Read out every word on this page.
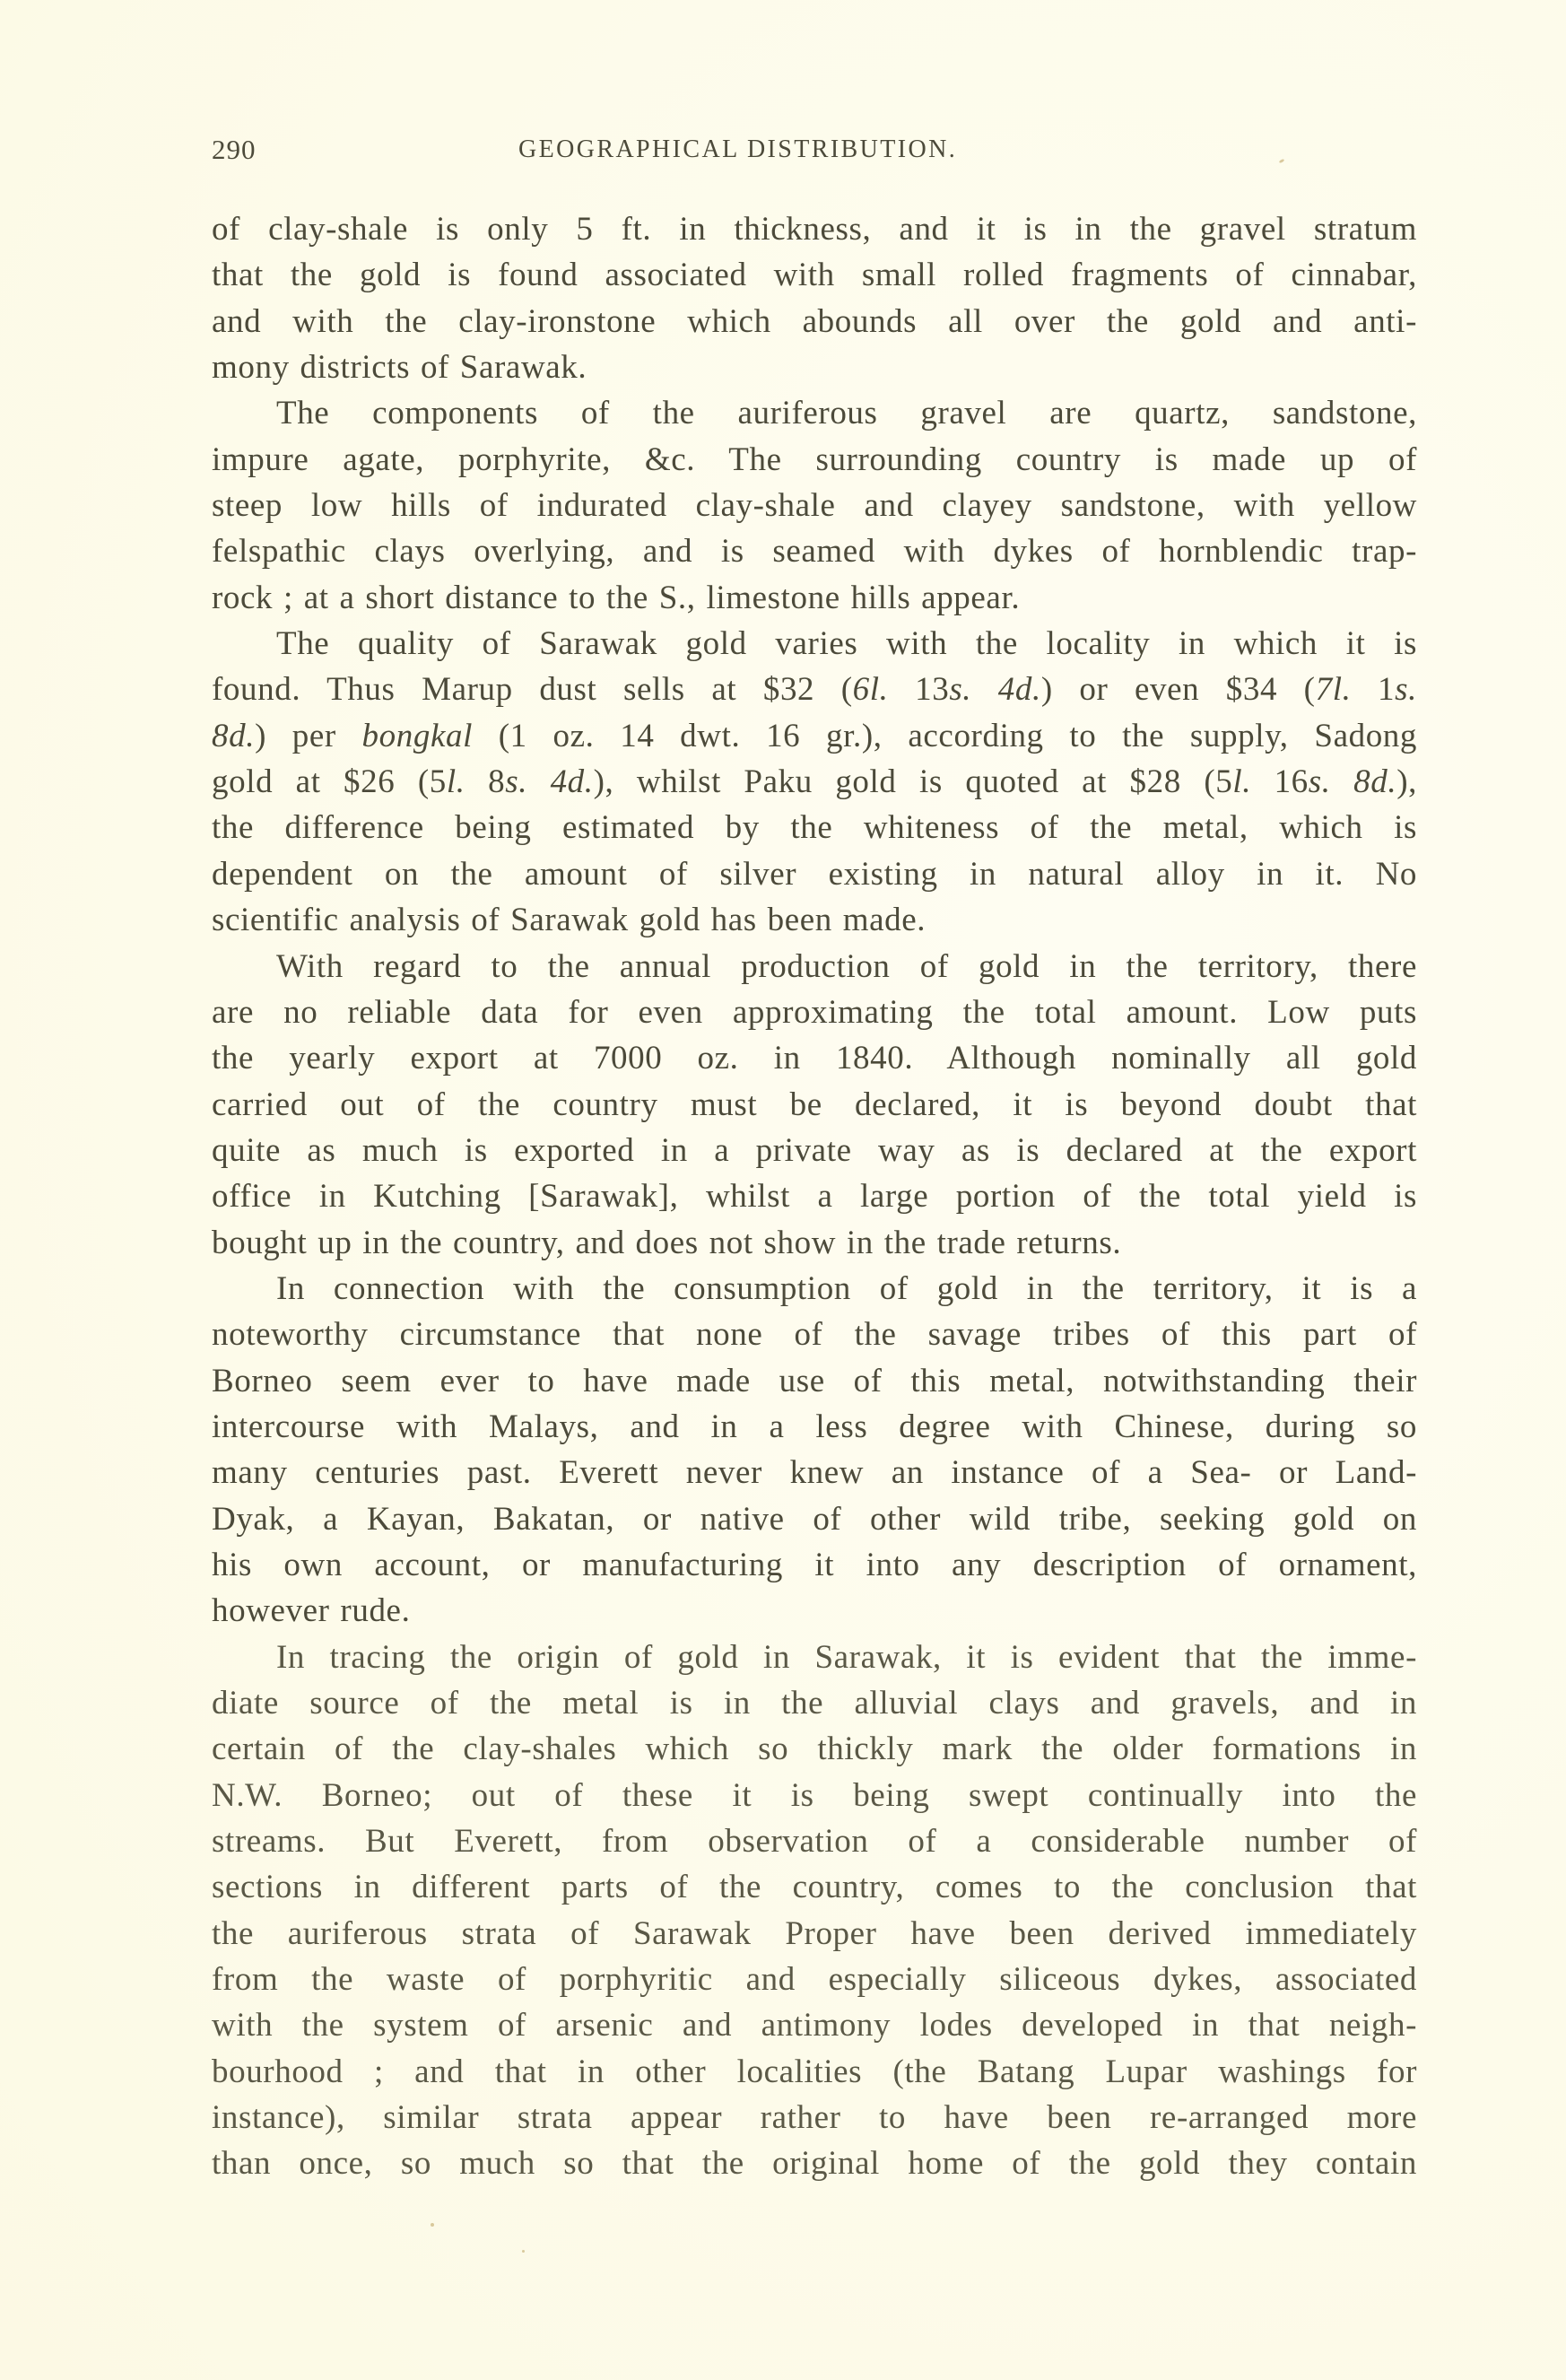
290	GEOGRAPHICAL DISTRIBUTION.
of clay-shale is only 5 ft. in thickness, and it is in the gravel stratum
that the gold is found associated with small rolled fragments of cinnabar,
and with the clay-ironstone which abounds all over the gold and anti-
mony districts of Sarawak.
The components of the auriferous gravel are quartz, sandstone,
impure agate, porphyrite, &c. The surrounding country is made up of
steep low hills of indurated clay-shale and clayey sandstone, with yellow
felspathic clays overlying, and is seamed with dykes of hornblendic trap-
rock ; at a short distance to the S., limestone hills appear.
The quality of Sarawak gold varies with the locality in which it is
found. Thus Marup dust sells at $32 (6l. 13s. 4d.) or even $34 (7l. 1s.
8d.) per bongkal (1 oz. 14 dwt. 16 gr.), according to the supply, Sadong
gold at $26 (5l. 8s. 4d.), whilst Paku gold is quoted at $28 (5l. 16s. 8d.),
the difference being estimated by the whiteness of the metal, which is
dependent on the amount of silver existing in natural alloy in it. No
scientific analysis of Sarawak gold has been made.
With regard to the annual production of gold in the territory, there
are no reliable data for even approximating the total amount. Low puts
the yearly export at 7000 oz. in 1840. Although nominally all gold
carried out of the country must be declared, it is beyond doubt that
quite as much is exported in a private way as is declared at the export
office in Kutching [Sarawak], whilst a large portion of the total yield is
bought up in the country, and does not show in the trade returns.
In connection with the consumption of gold in the territory, it is a
noteworthy circumstance that none of the savage tribes of this part of
Borneo seem ever to have made use of this metal, notwithstanding their
intercourse with Malays, and in a less degree with Chinese, during so
many centuries past. Everett never knew an instance of a Sea- or Land-
Dyak, a Kayan, Bakatan, or native of other wild tribe, seeking gold on
his own account, or manufacturing it into any description of ornament,
however rude.
In tracing the origin of gold in Sarawak, it is evident that the imme-
diate source of the metal is in the alluvial clays and gravels, and in
certain of the clay-shales which so thickly mark the older formations in
N.W. Borneo; out of these it is being swept continually into the
streams. But Everett, from observation of a considerable number of
sections in different parts of the country, comes to the conclusion that
the auriferous strata of Sarawak Proper have been derived immediately
from the waste of porphyritic and especially siliceous dykes, associated
with the system of arsenic and antimony lodes developed in that neigh-
bourhood ; and that in other localities (the Batang Lupar washings for
instance), similar strata appear rather to have been re-arranged more
than once, so much so that the original home of the gold they contain
